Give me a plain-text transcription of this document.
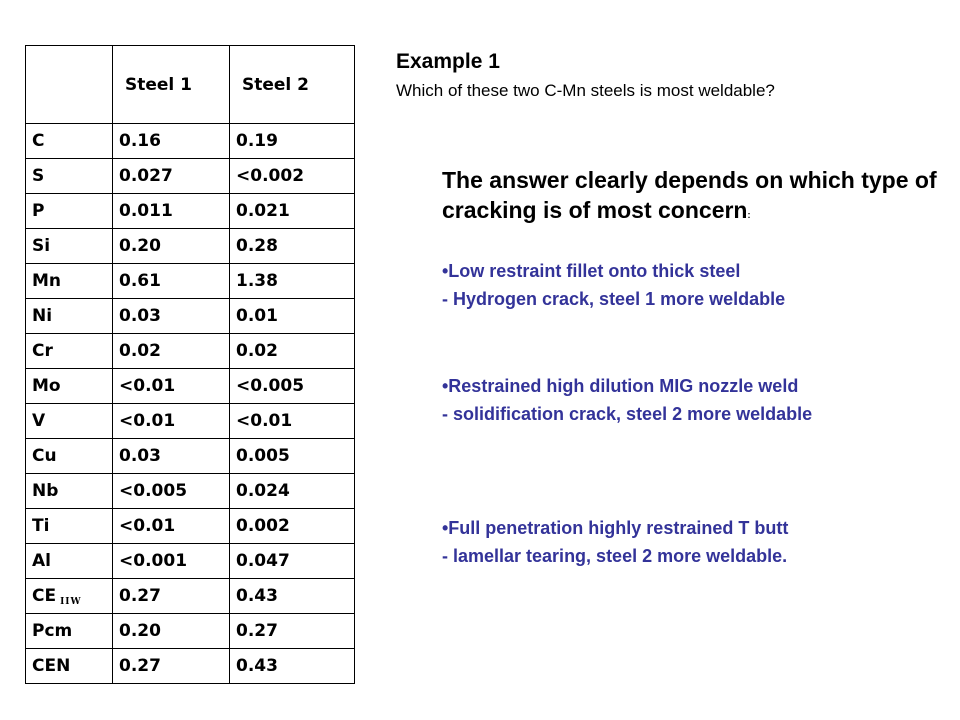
	Steel 1	Steel 2
C	0.16	0.19
S	0.027	<0.002
P	0.011	0.021
Si	0.20	0.28
Mn	0.61	1.38
Ni	0.03	0.01
Cr	0.02	0.02
Mo	<0.01	<0.005
V	<0.01	<0.01
Cu	0.03	0.005
Nb	<0.005	0.024
Ti	<0.01	0.002
Al	<0.001	0.047
CE $_{IIW}$	0.27	0.43
Pcm	0.20	0.27
CEN	0.27	0.43
Example 1
Which of these two C-Mn steels is most weldable?
The answer clearly depends on which type of cracking is of most concern:
•Low restraint fillet onto thick steel
- Hydrogen crack, steel 1 more weldable
•Restrained high dilution MIG nozzle weld
- solidification crack, steel 2 more weldable
•Full penetration highly restrained T butt
- lamellar tearing, steel 2 more weldable.
